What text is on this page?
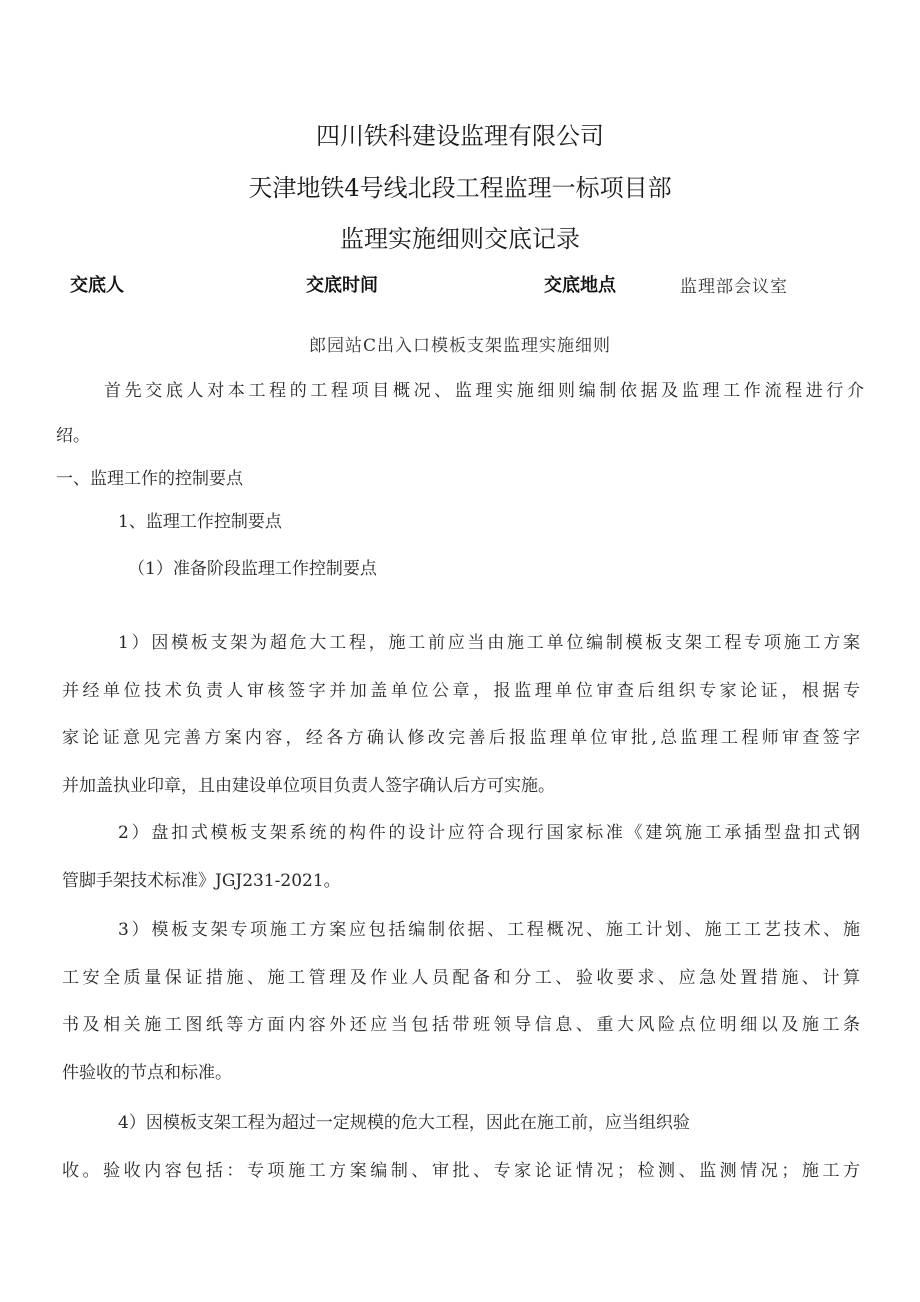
四川铁科建设监理有限公司
天津地铁4号线北段工程监理一标项目部
监理实施细则交底记录
交底人	交底时间	交底地点	监理部会议室
郎园站C出入口模板支架监理实施细则
首先交底人对本工程的工程项目概况、监理实施细则编制依据及监理工作流程进行介
绍。
一、监理工作的控制要点
1、监理工作控制要点
（1）准备阶段监理工作控制要点
1）因模板支架为超危大工程，施工前应当由施工单位编制模板支架工程专项施工方案
并经单位技术负责人审核签字并加盖单位公章，报监理单位审查后组织专家论证，根据专
家论证意见完善方案内容，经各方确认修改完善后报监理单位审批,总监理工程师审查签字
并加盖执业印章，且由建设单位项目负责人签字确认后方可实施。
2）盘扣式模板支架系统的构件的设计应符合现行国家标准《建筑施工承插型盘扣式钢
管脚手架技术标准》JGJ231-2021。
3）模板支架专项施工方案应包括编制依据、工程概况、施工计划、施工工艺技术、施
工安全质量保证措施、施工管理及作业人员配备和分工、验收要求、应急处置措施、计算
书及相关施工图纸等方面内容外还应当包括带班领导信息、重大风险点位明细以及施工条
件验收的节点和标准。
4）因模板支架工程为超过一定规模的危大工程，因此在施工前，应当组织验
收。验收内容包括：专项施工方案编制、审批、专家论证情况；检测、监测情况；施工方
